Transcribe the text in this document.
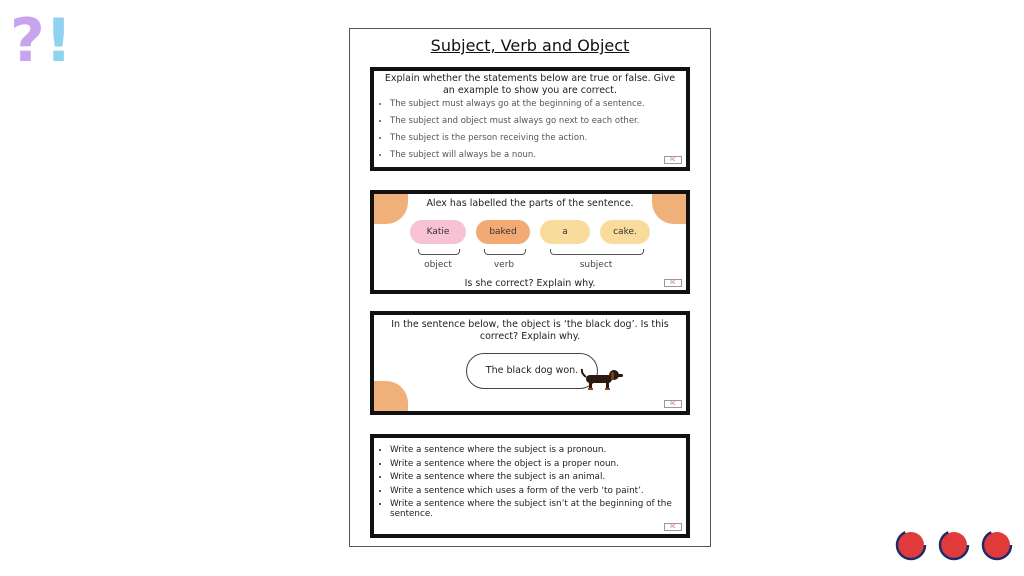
?!	Subject, Verb and Object
Explain whether the statements below are true or false. Give an example to show you are correct.
• The subject must always go at the beginning of a sentence.
• The subject and object must always go next to each other.
• The subject is the person receiving the action.
• The subject will always be a noun.	PC
Alex has labelled the parts of the sentence.
Katie	baked	a	cake.
object	verb	subject
Is she correct? Explain why.	PC
In the sentence below, the object is ‘the black dog’. Is this correct? Explain why.
The black dog won.
PC
• Write a sentence where the subject is a pronoun.
• Write a sentence where the object is a proper noun.
• Write a sentence where the subject is an animal.
• Write a sentence which uses a form of the verb ‘to paint’.
• Write a sentence where the subject isn’t at the beginning of the sentence.
PC
